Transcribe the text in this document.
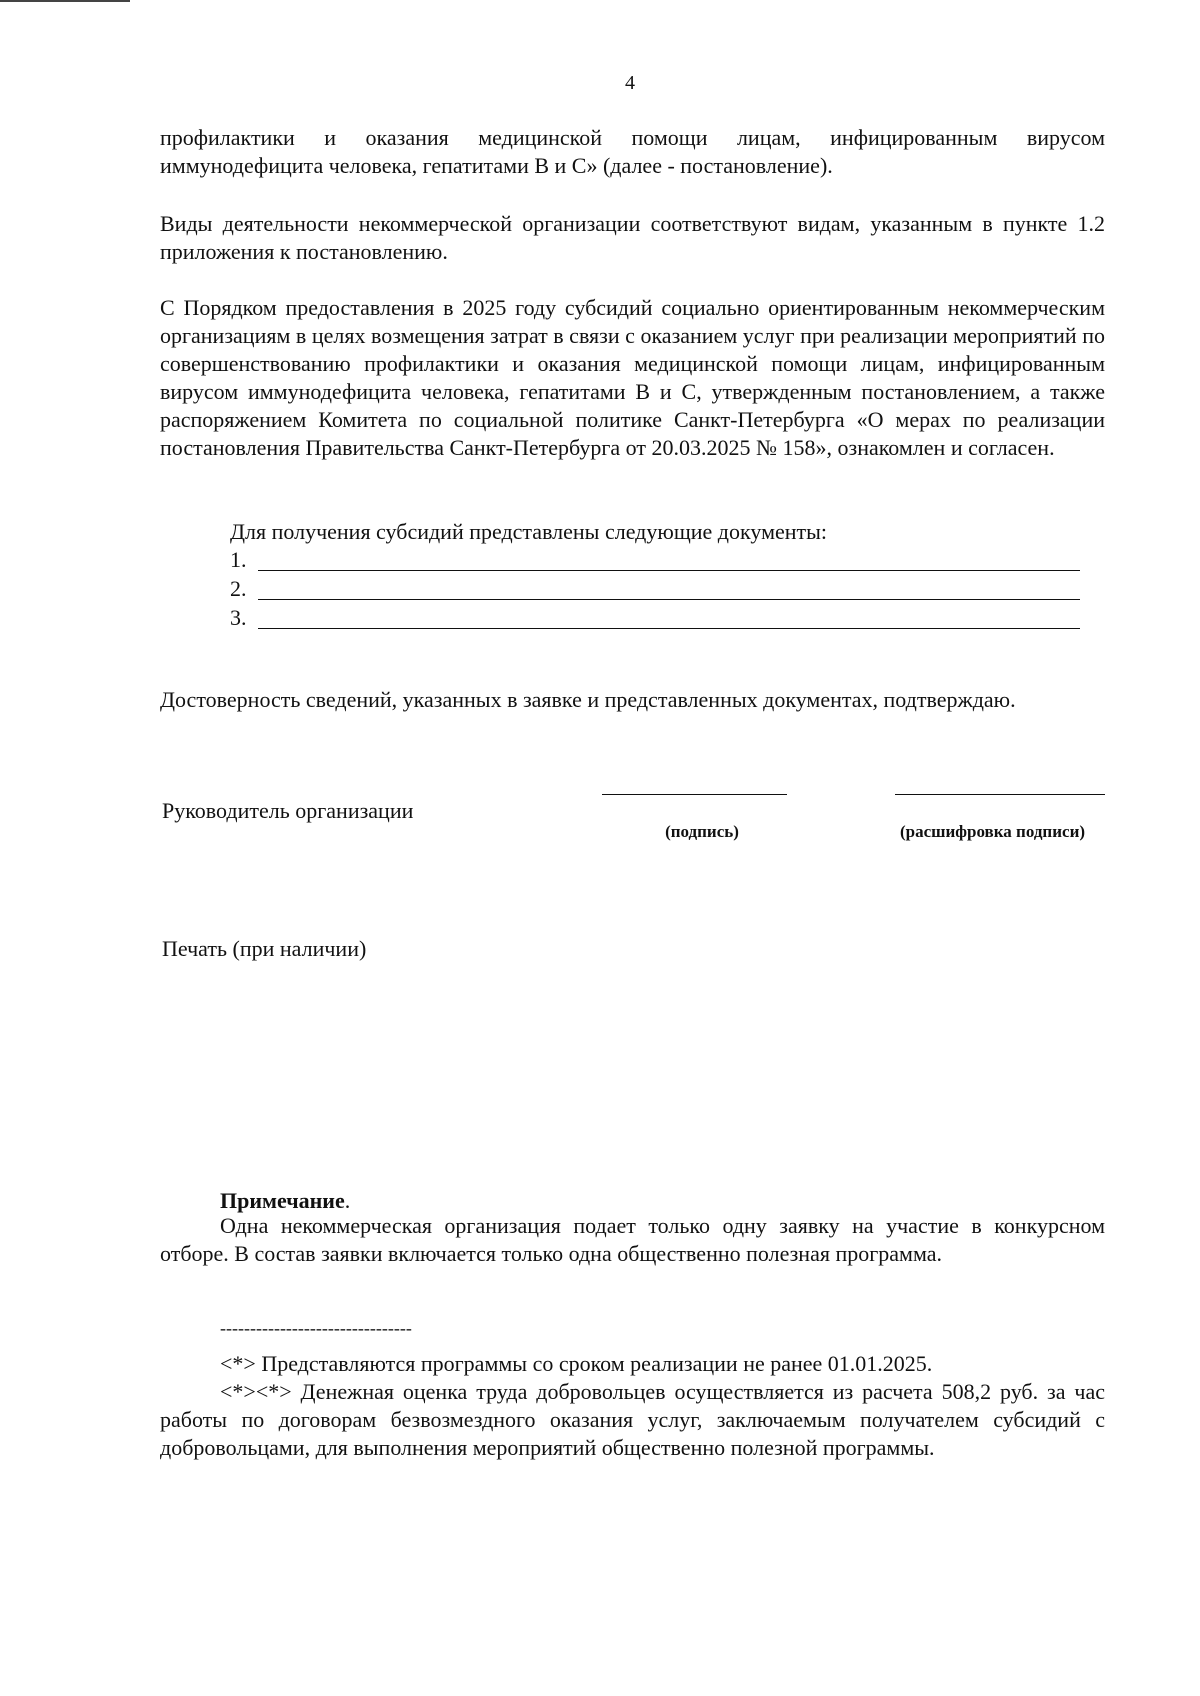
4
профилактики и оказания медицинской помощи лицам, инфицированным вирусом иммунодефицита человека, гепатитами B и C» (далее - постановление).
Виды деятельности некоммерческой организации соответствуют видам, указанным в пункте 1.2 приложения к постановлению.
С Порядком предоставления в 2025 году субсидий социально ориентированным некоммерческим организациям в целях возмещения затрат в связи с оказанием услуг при реализации мероприятий по совершенствованию профилактики и оказания медицинской помощи лицам, инфицированным вирусом иммунодефицита человека, гепатитами B и C, утвержденным постановлением, а также распоряжением Комитета по социальной политике Санкт-Петербурга «О мерах по реализации постановления Правительства Санкт-Петербурга от 20.03.2025 № 158», ознакомлен и согласен.
Для получения субсидий представлены следующие документы:
1.
2.
3.
Достоверность сведений, указанных в заявке и представленных документах, подтверждаю.
Руководитель организации
(подпись)	(расшифровка подписи)
Печать (при наличии)
Примечание.
Одна некоммерческая организация подает только одну заявку на участие в конкурсном отборе. В состав заявки включается только одна общественно полезная программа.
--------------------------------
<*> Представляются программы со сроком реализации не ранее 01.01.2025.
<*><*> Денежная оценка труда добровольцев осуществляется из расчета 508,2 руб. за час работы по договорам безвозмездного оказания услуг, заключаемым получателем субсидий с добровольцами, для выполнения мероприятий общественно полезной программы.
